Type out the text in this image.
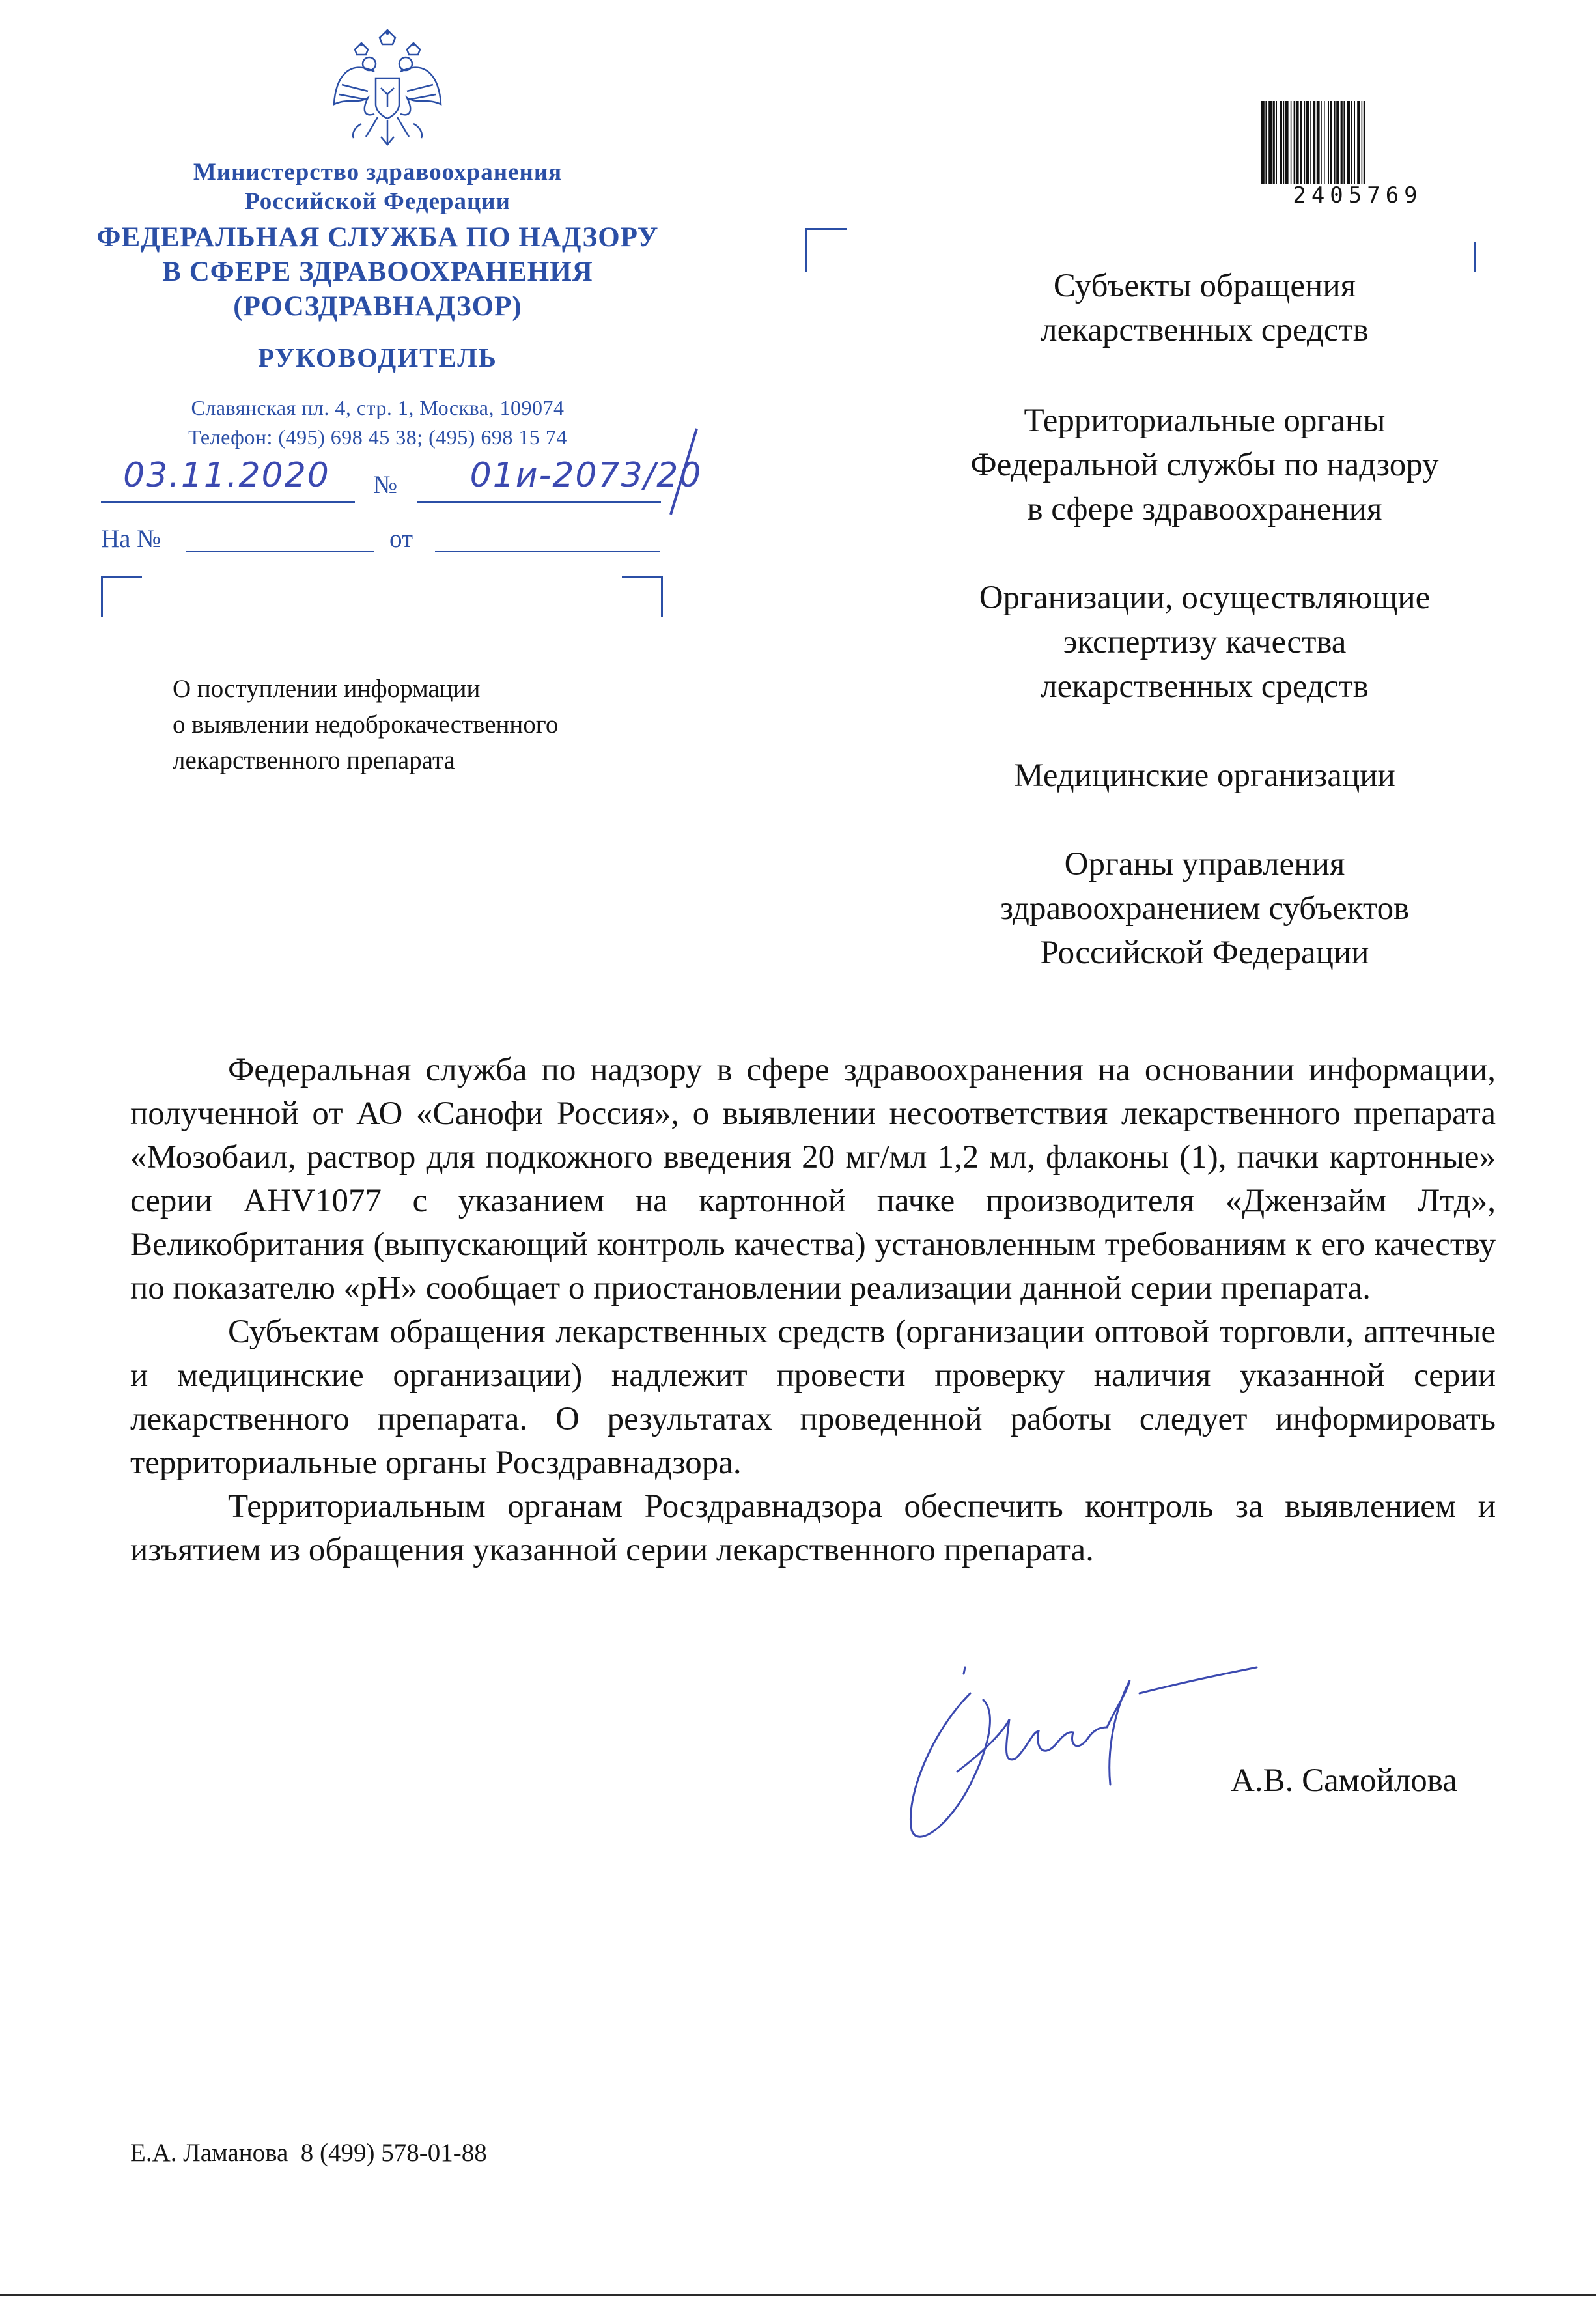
Министерство здравоохранения
Российской Федерации
ФЕДЕРАЛЬНАЯ СЛУЖБА ПО НАДЗОРУ
В СФЕРЕ ЗДРАВООХРАНЕНИЯ
(РОСЗДРАВНАДЗОР)
РУКОВОДИТЕЛЬ
Славянская пл. 4, стр. 1, Москва, 109074
Телефон: (495) 698 45 38; (495) 698 15 74
03.11.2020	№	01и-2073/20
На №	от
О поступлении информации
о выявлении недоброкачественного
лекарственного препарата
2405769
Субъекты обращения
лекарственных средств
Территориальные органы
Федеральной службы по надзору
в сфере здравоохранения
Организации, осуществляющие
экспертизу качества
лекарственных средств
Медицинские организации
Органы управления
здравоохранением субъектов
Российской Федерации

Федеральная служба по надзору в сфере здравоохранения на основании информации, полученной от АО «Санофи Россия», о выявлении несоответствия лекарственного препарата «Мозобаил, раствор для подкожного введения 20 мг/мл 1,2 мл, флаконы (1), пачки картонные» серии AHV1077 с указанием на картонной пачке производителя «Джензайм Лтд», Великобритания (выпускающий контроль качества) установленным требованиям к его качеству по показателю «pH» сообщает о приостановлении реализации данной серии препарата.

Субъектам обращения лекарственных средств (организации оптовой торговли, аптечные и медицинские организации) надлежит провести проверку наличия указанной серии лекарственного препарата. О результатах проведенной работы следует информировать территориальные органы Росздравнадзора.

Территориальным органам Росздравнадзора обеспечить контроль за выявлением и изъятием из обращения указанной серии лекарственного препарата.

А.В. Самойлова
Е.А. Ламанова  8 (499) 578-01-88
